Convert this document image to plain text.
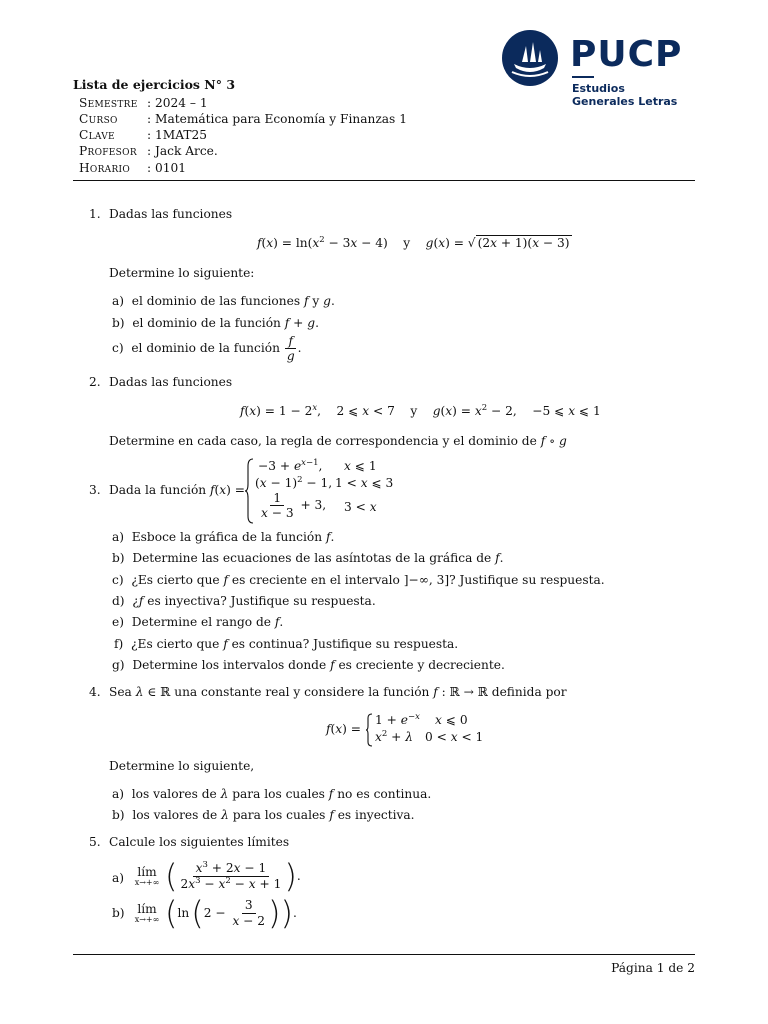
PUCP
Estudios
Generales Letras
Lista de ejercicios N° 3
Semestre : 2024 – 1
Curso : Matemática para Economía y Finanzas 1
Clave	: 1MAT25
Profesor : Jack Arce.
Horario : 0101
1. Dadas las funciones
$f(x) = \ln(x^2 - 3x - 4)$    y    g(x) = √ (2x + 1)(x − 3)
Determine lo siguiente:
a) el dominio de las funciones f y g.
b) el dominio de la función f + g.
c) el dominio de la función $\frac{f}{g}$ .
2. Dadas las funciones
$f(x) = 1 - 2^x$,    2 ⩽ x < 7    y    $g(x) = x^2 - 2$,    −5 ⩽ x ⩽ 1
Determine en cada caso, la regla de correspondencia y el dominio de f ∘ g
3. Dada la función f(x) =
$-3 + e^{x-1}$, x ⩽ 1
$(x - 1)^2 - 1$, 1 < x ⩽ 3
$\frac{1}{x - 3} + 3$, 3 < x
a) Esboce la gráfica de la función f.
b) Determine las ecuaciones de las asíntotas de la gráfica de f.
c) ¿Es cierto que f es creciente en el intervalo ]−∞, 3]? Justifique su respuesta.
d) ¿f es inyectiva? Justifique su respuesta.
e) Determine el rango de f.
f) ¿Es cierto que f es continua? Justifique su respuesta.
g) Determine los intervalos donde f es creciente y decreciente.
4. Sea λ ∈ ℝ una constante real y considere la función f : ℝ → ℝ definida por
f(x) =
$1 + e^{-x}$ x ⩽ 0
$x^2 + \lambda$ 0 < x < 1
Determine lo siguiente,
a) los valores de λ para los cuales f no es continua.
b) los valores de λ para los cuales f es inyectiva.
5. Calcule los siguientes límites
a)	lím
x→+∞ ( $\frac{x^3 + 2x - 1}{2x^3 - x^2 - x + 1}$ ) .
b)	lím
x→+∞ ( ln ( $2 - \frac{3}{x - 2}$ ) ) .
Página 1 de 2
